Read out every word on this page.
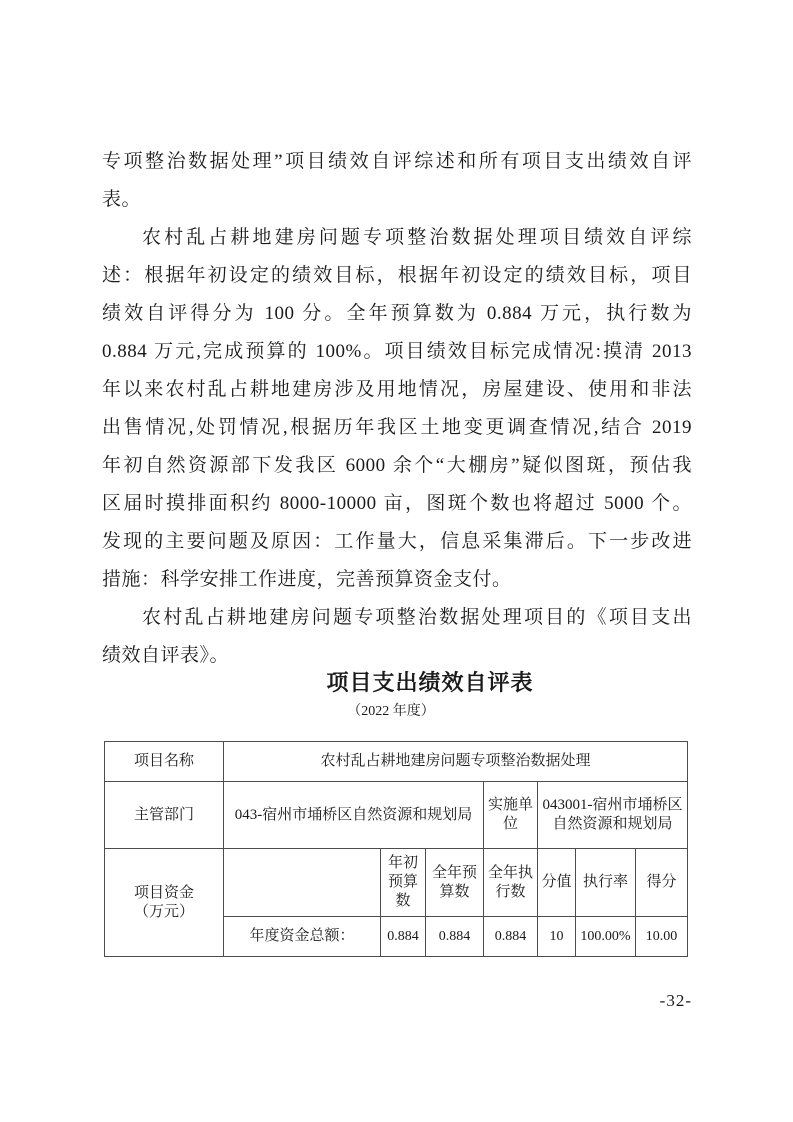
专项整治数据处理”项目绩效自评综述和所有项目支出绩效自评
表。
农村乱占耕地建房问题专项整治数据处理项目绩效自评综
述：根据年初设定的绩效目标，根据年初设定的绩效目标，项目
绩效自评得分为 100 分。全年预算数为 0.884 万元，执行数为
0.884 万元,完成预算的 100%。项目绩效目标完成情况:摸清 2013
年以来农村乱占耕地建房涉及用地情况，房屋建设、使用和非法
出售情况,处罚情况,根据历年我区土地变更调查情况,结合 2019
年初自然资源部下发我区 6000 余个“大棚房”疑似图斑，预估我
区届时摸排面积约 8000-10000 亩，图斑个数也将超过 5000 个。
发现的主要问题及原因：工作量大，信息采集滞后。下一步改进
措施：科学安排工作进度，完善预算资金支付。
农村乱占耕地建房问题专项整治数据处理项目的《项目支出
绩效自评表》。
项目支出绩效自评表
（2022 年度）
项目名称	农村乱占耕地建房问题专项整治数据处理						
主管部门	043-宿州市埇桥区自然资源和规划局			实施单位	043001-宿州市埇桥区自然资源和规划局		
项目资金
（万元）		年初预算数	全年预算数	全年执行数	分值	执行率	得分
	年度资金总额：	0.884	0.884	0.884	10	100.00%	10.00
-32-
